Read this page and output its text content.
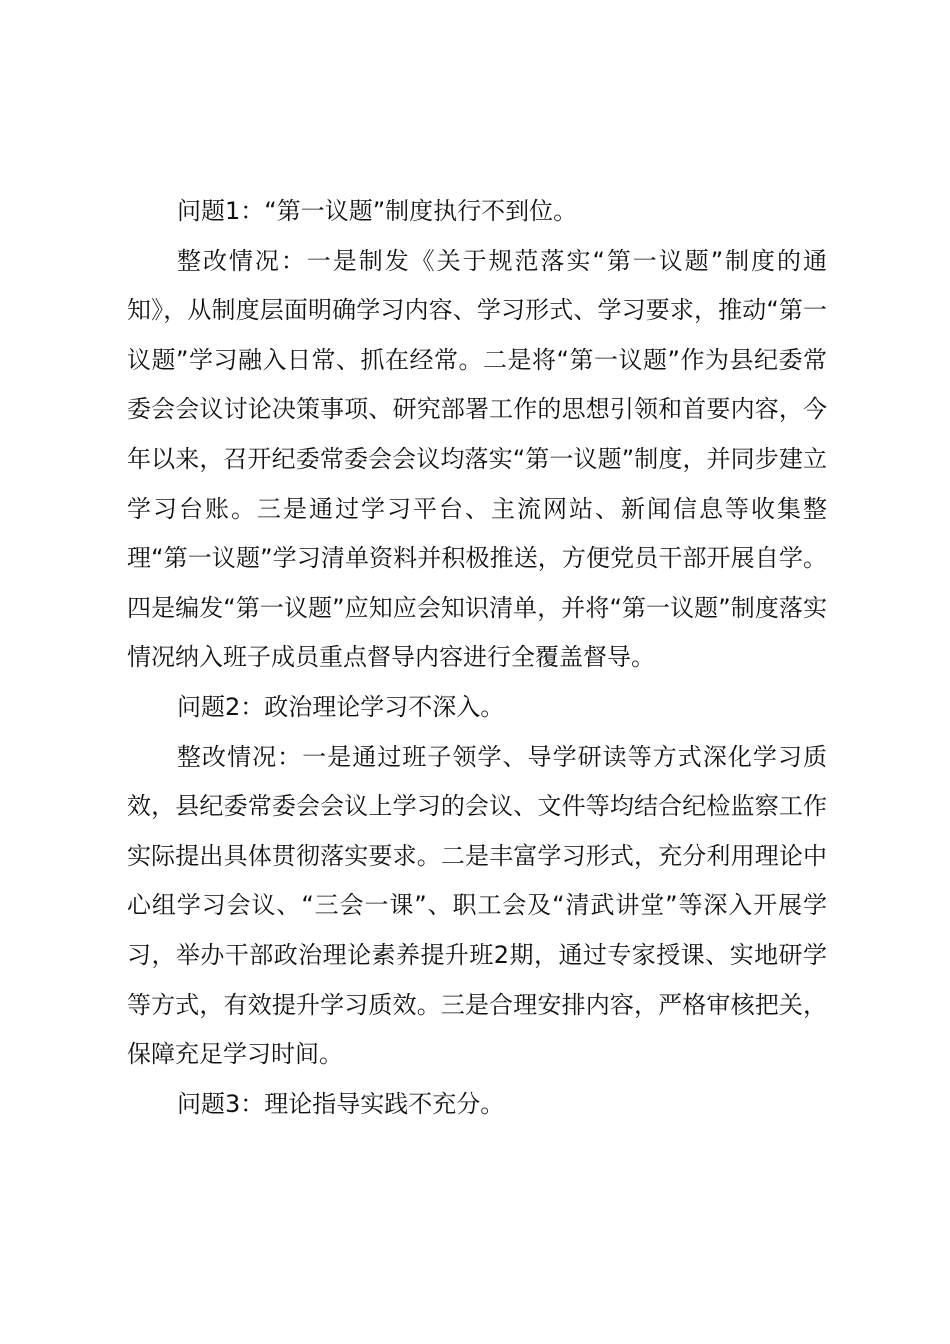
问题1：“第一议题”制度执行不到位。

整改情况：一是制发《关于规范落实“第一议题”制度的通知》，从制度层面明确学习内容、学习形式、学习要求，推动“第一议题”学习融入日常、抓在经常。二是将“第一议题”作为县纪委常委会会议讨论决策事项、研究部署工作的思想引领和首要内容，今年以来，召开纪委常委会会议均落实“第一议题”制度，并同步建立学习台账。三是通过学习平台、主流网站、新闻信息等收集整理“第一议题”学习清单资料并积极推送，方便党员干部开展自学。四是编发“第一议题”应知应会知识清单，并将“第一议题”制度落实情况纳入班子成员重点督导内容进行全覆盖督导。

问题2：政治理论学习不深入。

整改情况：一是通过班子领学、导学研读等方式深化学习质效，县纪委常委会会议上学习的会议、文件等均结合纪检监察工作实际提出具体贯彻落实要求。二是丰富学习形式，充分利用理论中心组学习会议、“三会一课”、职工会及“清武讲堂”等深入开展学习，举办干部政治理论素养提升班2期，通过专家授课、实地研学等方式，有效提升学习质效。三是合理安排内容，严格审核把关，保障充足学习时间。

问题3：理论指导实践不充分。
